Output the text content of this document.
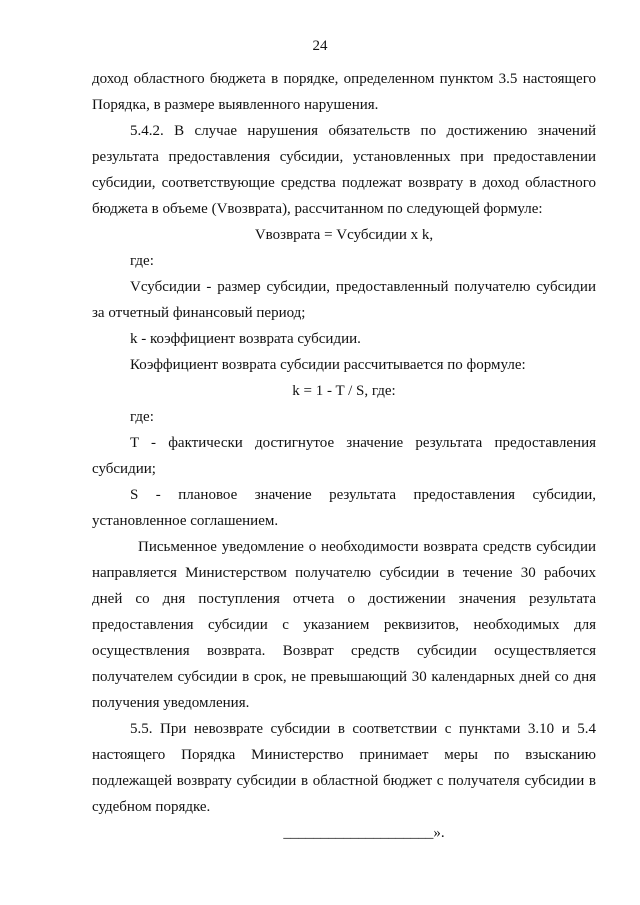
24

доход областного бюджета в порядке, определенном пунктом 3.5 настоящего Порядка, в размере выявленного нарушения.

5.4.2. В случае нарушения обязательств по достижению значений результата предоставления субсидии, установленных при предоставлении субсидии, соответствующие средства подлежат возврату в доход областного бюджета в объеме (Vвозврата), рассчитанном по следующей формуле:

Vвозврата = Vсубсидии x k,

где:

Vсубсидии - размер субсидии, предоставленный получателю субсидии за отчетный финансовый период;

k - коэффициент возврата субсидии.

Коэффициент возврата субсидии рассчитывается по формуле:

k = 1 - T / S, где:

где:

T - фактически достигнутое значение результата предоставления субсидии;

S - плановое значение результата предоставления субсидии, установленное соглашением.

Письменное уведомление о необходимости возврата средств субсидии направляется Министерством получателю субсидии в течение 30 рабочих дней со дня поступления отчета о достижении значения результата предоставления субсидии с указанием реквизитов, необходимых для осуществления возврата. Возврат средств субсидии осуществляется получателем субсидии в срок, не превышающий 30 календарных дней со дня получения уведомления.

5.5. При невозврате субсидии в соответствии с пунктами 3.10 и 5.4 настоящего Порядка Министерство принимает меры по взысканию подлежащей возврату субсидии в областной бюджет с получателя субсидии в судебном порядке.

____________________».
